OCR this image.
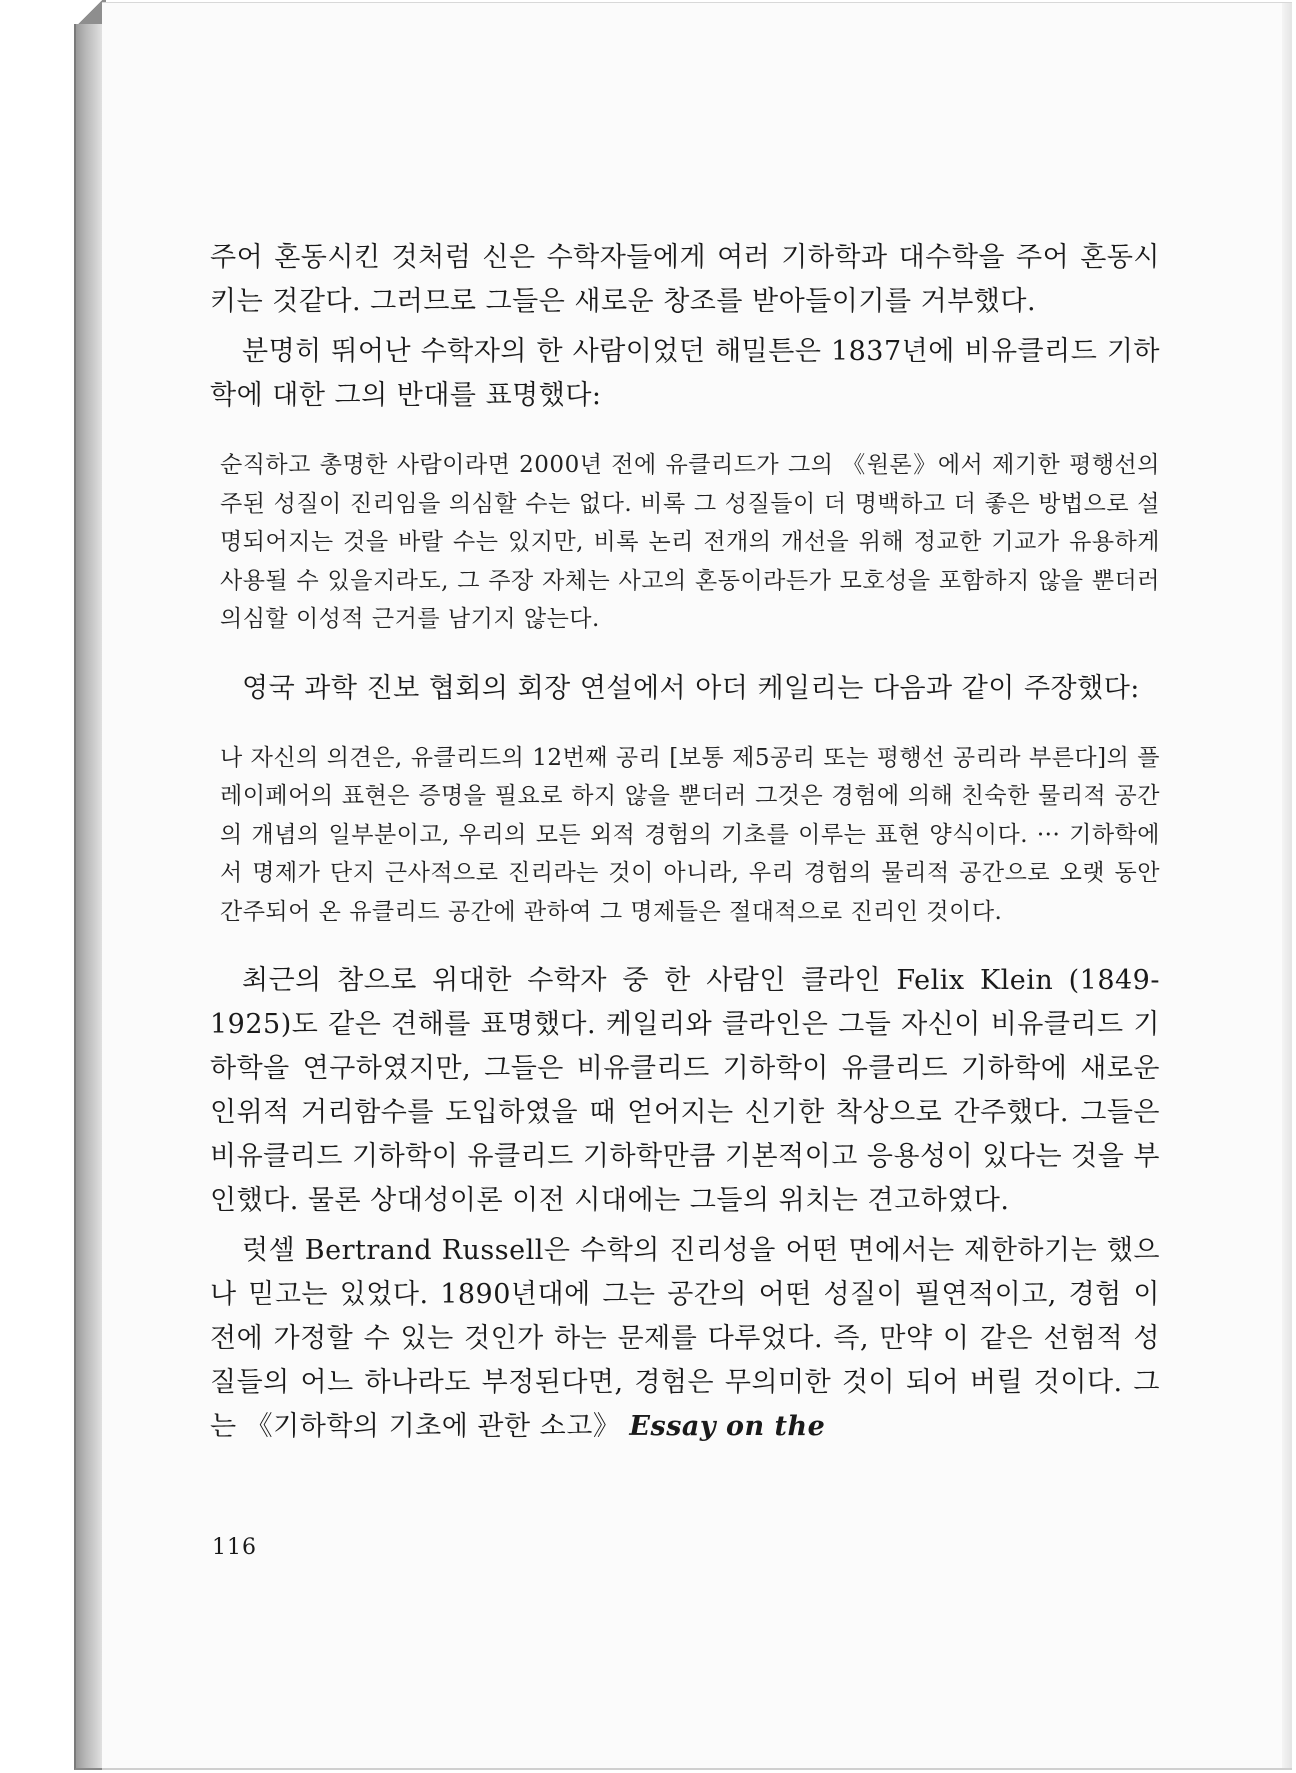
주어 혼동시킨 것처럼 신은 수학자들에게 여러 기하학과 대수학을 주어 혼동시키는 것같다. 그러므로 그들은 새로운 창조를 받아들이기를 거부했다.

분명히 뛰어난 수학자의 한 사람이었던 해밀튼은 1837년에 비유클리드 기하학에 대한 그의 반대를 표명했다:

순직하고 총명한 사람이라면 2000년 전에 유클리드가 그의 《원론》에서 제기한 평행선의 주된 성질이 진리임을 의심할 수는 없다. 비록 그 성질들이 더 명백하고 더 좋은 방법으로 설명되어지는 것을 바랄 수는 있지만, 비록 논리 전개의 개선을 위해 정교한 기교가 유용하게 사용될 수 있을지라도, 그 주장 자체는 사고의 혼동이라든가 모호성을 포함하지 않을 뿐더러 의심할 이성적 근거를 남기지 않는다.

영국 과학 진보 협회의 회장 연설에서 아더 케일리는 다음과 같이 주장했다:

나 자신의 의견은, 유클리드의 12번째 공리 [보통 제5공리 또는 평행선 공리라 부른다]의 플레이페어의 표현은 증명을 필요로 하지 않을 뿐더러 그것은 경험에 의해 친숙한 물리적 공간의 개념의 일부분이고, 우리의 모든 외적 경험의 기초를 이루는 표현 양식이다. ··· 기하학에서 명제가 단지 근사적으로 진리라는 것이 아니라, 우리 경험의 물리적 공간으로 오랫 동안 간주되어 온 유클리드 공간에 관하여 그 명제들은 절대적으로 진리인 것이다.

최근의 참으로 위대한 수학자 중 한 사람인 클라인 Felix Klein (1849-1925)도 같은 견해를 표명했다. 케일리와 클라인은 그들 자신이 비유클리드 기하학을 연구하였지만, 그들은 비유클리드 기하학이 유클리드 기하학에 새로운 인위적 거리함수를 도입하였을 때 얻어지는 신기한 착상으로 간주했다. 그들은 비유클리드 기하학이 유클리드 기하학만큼 기본적이고 응용성이 있다는 것을 부인했다. 물론 상대성이론 이전 시대에는 그들의 위치는 견고하였다.

럿셀 Bertrand Russell은 수학의 진리성을 어떤 면에서는 제한하기는 했으나 믿고는 있었다. 1890년대에 그는 공간의 어떤 성질이 필연적이고, 경험 이전에 가정할 수 있는 것인가 하는 문제를 다루었다. 즉, 만약 이 같은 선험적 성질들의 어느 하나라도 부정된다면, 경험은 무의미한 것이 되어 버릴 것이다. 그는 《기하학의 기초에 관한 소고》 Essay on the

116
